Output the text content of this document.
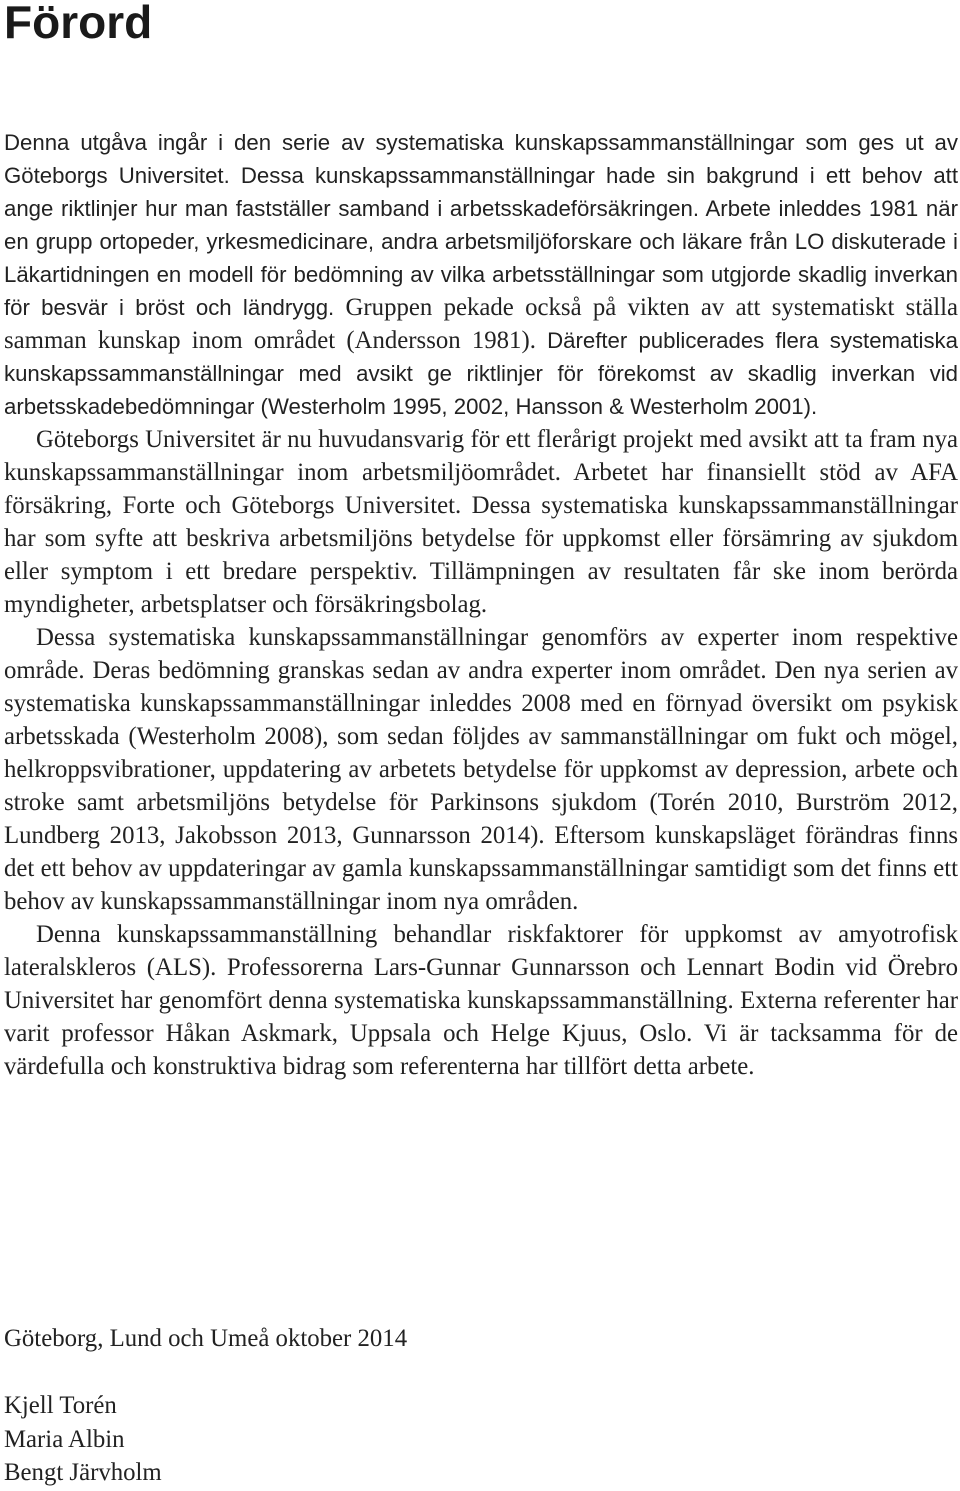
Förord

Denna utgåva ingår i den serie av systematiska kunskapssammanställningar som ges ut av Göteborgs Universitet. Dessa kunskapssammanställningar hade sin bakgrund i ett behov att ange riktlinjer hur man fastställer samband i arbetsskadeförsäkringen. Arbete inleddes 1981 när en grupp ortopeder, yrkesmedicinare, andra arbetsmiljöforskare och läkare från LO diskuterade i Läkartidningen en modell för bedömning av vilka arbetsställningar som utgjorde skadlig inverkan för besvär i bröst och ländrygg. Gruppen pekade också på vikten av att systematiskt ställa samman kunskap inom området (Andersson 1981). Därefter publicerades flera systematiska kunskapssammanställningar med avsikt ge riktlinjer för förekomst av skadlig inverkan vid arbetsskadebedömningar (Westerholm 1995, 2002, Hansson & Westerholm 2001).

Göteborgs Universitet är nu huvudansvarig för ett flerårigt projekt med avsikt att ta fram nya kunskapssammanställningar inom arbetsmiljöområdet. Arbetet har finansiellt stöd av AFA försäkring, Forte och Göteborgs Universitet. Dessa systematiska kunskapssammanställningar har som syfte att beskriva arbetsmiljöns betydelse för uppkomst eller försämring av sjukdom eller symptom i ett bredare perspektiv. Tillämpningen av resultaten får ske inom berörda myndigheter, arbetsplatser och försäkringsbolag.

Dessa systematiska kunskapssammanställningar genomförs av experter inom respektive område. Deras bedömning granskas sedan av andra experter inom området. Den nya serien av systematiska kunskapssammanställningar inleddes 2008 med en förnyad översikt om psykisk arbetsskada (Westerholm 2008), som sedan följdes av sammanställningar om fukt och mögel, helkroppsvibrationer, uppdatering av arbetets betydelse för uppkomst av depression, arbete och stroke samt arbetsmiljöns betydelse för Parkinsons sjukdom (Torén 2010, Burström 2012, Lundberg 2013, Jakobsson 2013, Gunnarsson 2014). Eftersom kunskapsläget förändras finns det ett behov av uppdateringar av gamla kunskapssammanställningar samtidigt som det finns ett behov av kunskapssammanställningar inom nya områden.

Denna kunskapssammanställning behandlar riskfaktorer för uppkomst av amyotrofisk lateralskleros (ALS). Professorerna Lars-Gunnar Gunnarsson och Lennart Bodin vid Örebro Universitet har genomfört denna systematiska kunskapssammanställning. Externa referenter har varit professor Håkan Askmark, Uppsala och Helge Kjuus, Oslo. Vi är tacksamma för de värdefulla och konstruktiva bidrag som referenterna har tillfört detta arbete.

Göteborg, Lund och Umeå oktober 2014

Kjell Torén
Maria Albin
Bengt Järvholm
